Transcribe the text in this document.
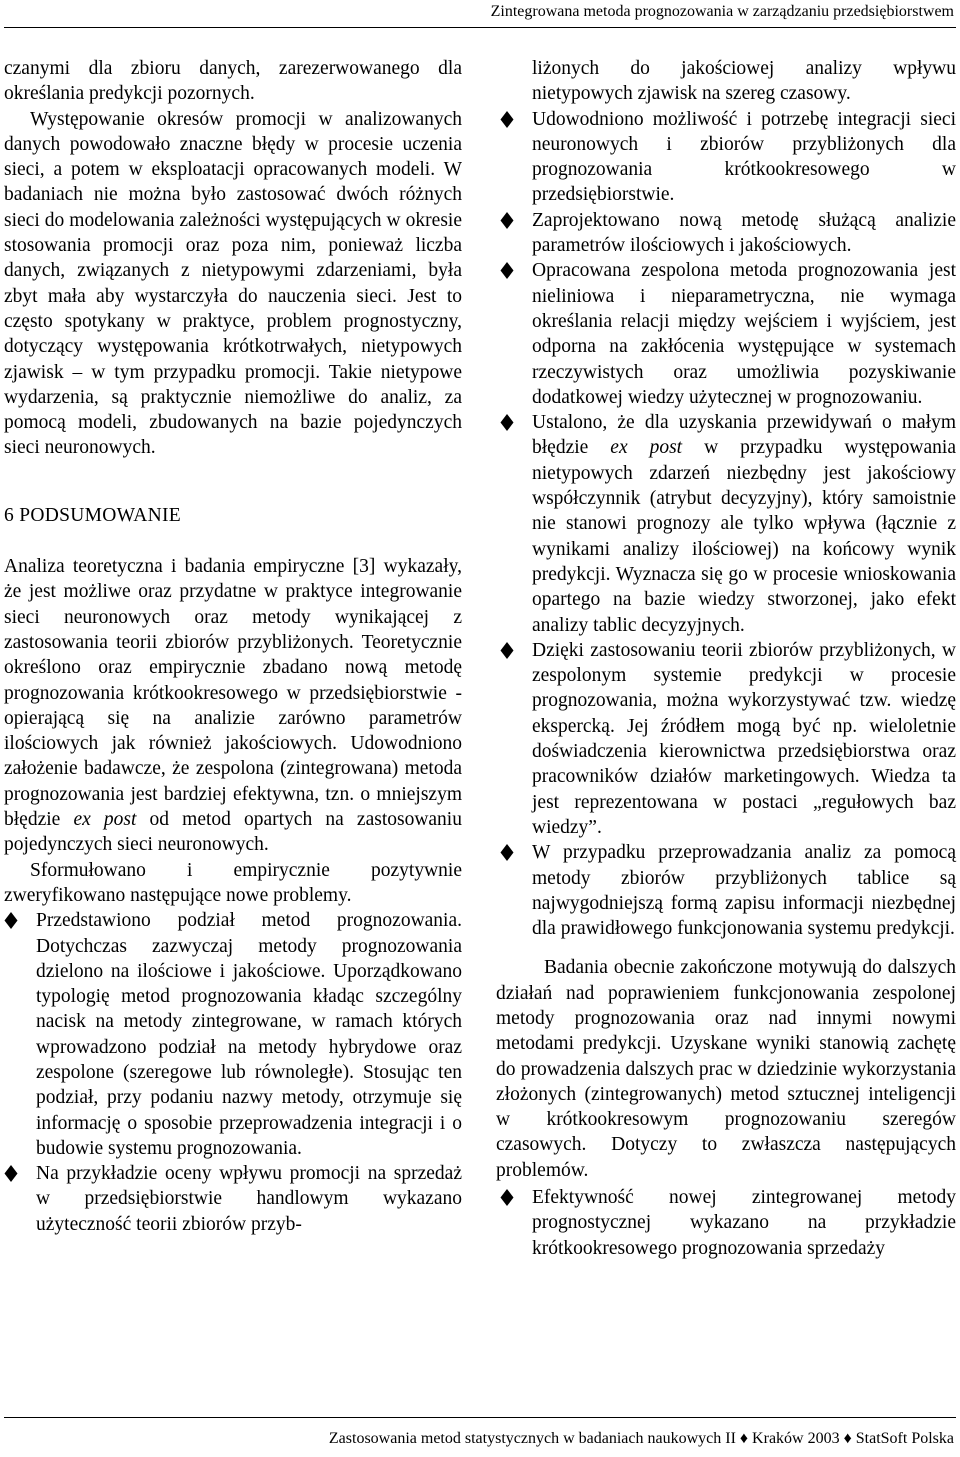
Zintegrowana metoda prognozowania w zarządzaniu przedsiębiorstwem

czanymi dla zbioru danych, zarezerwowanego dla określania predykcji pozornych.

Występowanie okresów promocji w analizowanych danych powodowało znaczne błędy w procesie uczenia sieci, a potem w eksploatacji opracowanych modeli. W badaniach nie można było zastosować dwóch różnych sieci do modelowania zależności występujących w okresie stosowania promocji oraz poza nim, ponieważ liczba danych, związanych z nietypowymi zdarzeniami, była zbyt mała aby wystarczyła do nauczenia sieci. Jest to często spotykany w praktyce, problem prognostyczny, dotyczący występowania krótkotrwałych, nietypowych zjawisk – w tym przypadku promocji. Takie nietypowe wydarzenia, są praktycznie niemożliwe do analiz, za pomocą modeli, zbudowanych na bazie pojedynczych sieci neuronowych.

6 PODSUMOWANIE

Analiza teoretyczna i badania empiryczne [3] wykazały, że jest możliwe oraz przydatne w praktyce integrowanie sieci neuronowych oraz metody wynikającej z zastosowania teorii zbiorów przybliżonych. Teoretycznie określono oraz empirycznie zbadano nową metodę prognozowania krótkookresowego w przedsiębiorstwie - opierającą się na analizie zarówno parametrów ilościowych jak również jakościowych. Udowodniono założenie badawcze, że zespolona (zintegrowana) metoda prognozowania jest bardziej efektywna, tzn. o mniejszym błędzie ex post od metod opartych na zastosowaniu pojedynczych sieci neuronowych.

Sformułowano i empirycznie pozytywnie zweryfikowano następujące nowe problemy.

Przedstawiono podział metod prognozowania. Dotychczas zazwyczaj metody prognozowania dzielono na ilościowe i jakościowe. Uporządkowano typologię metod prognozowania kładąc szczególny nacisk na metody zintegrowane, w ramach których wprowadzono podział na metody hybrydowe oraz zespolone (szeregowe lub równoległe). Stosując ten podział, przy podaniu nazwy metody, otrzymuje się informację o sposobie przeprowadzenia integracji i o budowie systemu prognozowania.
Na przykładzie oceny wpływu promocji na sprzedaż w przedsiębiorstwie handlowym wykazano użyteczność teorii zbiorów przyb-
liżonych do jakościowej analizy wpływu nietypowych zjawisk na szereg czasowy.
Udowodniono możliwość i potrzebę integracji sieci neuronowych i zbiorów przybliżonych dla prognozowania krótkookresowego w przedsiębiorstwie.
Zaprojektowano nową metodę służącą analizie parametrów ilościowych i jakościowych.
Opracowana zespolona metoda prognozowania jest nieliniowa i nieparametryczna, nie wymaga określania relacji między wejściem i wyjściem, jest odporna na zakłócenia występujące w systemach rzeczywistych oraz umożliwia pozyskiwanie dodatkowej wiedzy użytecznej w prognozowaniu.
Ustalono, że dla uzyskania przewidywań o małym błędzie ex post w przypadku występowania nietypowych zdarzeń niezbędny jest jakościowy współczynnik (atrybut decyzyjny), który samoistnie nie stanowi prognozy ale tylko wpływa (łącznie z wynikami analizy ilościowej) na końcowy wynik predykcji. Wyznacza się go w procesie wnioskowania opartego na bazie wiedzy stworzonej, jako efekt analizy tablic decyzyjnych.
Dzięki zastosowaniu teorii zbiorów przybliżonych, w zespolonym systemie predykcji w procesie prognozowania, można wykorzystywać tzw. wiedzę ekspercką. Jej źródłem mogą być np. wieloletnie doświadczenia kierownictwa przedsiębiorstwa oraz pracowników działów marketingowych. Wiedza ta jest reprezentowana w postaci „regułowych baz wiedzy”.
W przypadku przeprowadzania analiz za pomocą metody zbiorów przybliżonych tablice są najwygodniejszą formą zapisu informacji niezbędnej dla prawidłowego funkcjonowania systemu predykcji.

Badania obecnie zakończone motywują do dalszych działań nad poprawieniem funkcjonowania zespolonej metody prognozowania oraz nad innymi nowymi metodami predykcji. Uzyskane wyniki stanowią zachętę do prowadzenia dalszych prac w dziedzinie wykorzystania złożonych (zintegrowanych) metod sztucznej inteligencji w krótkookresowym prognozowaniu szeregów czasowych. Dotyczy to zwłaszcza następujących problemów.

Efektywność nowej zintegrowanej metody prognostycznej wykazano na przykładzie krótkookresowego prognozowania sprzedaży
Zastosowania metod statystycznych w badaniach naukowych II ♦ Kraków 2003 ♦ StatSoft Polska
